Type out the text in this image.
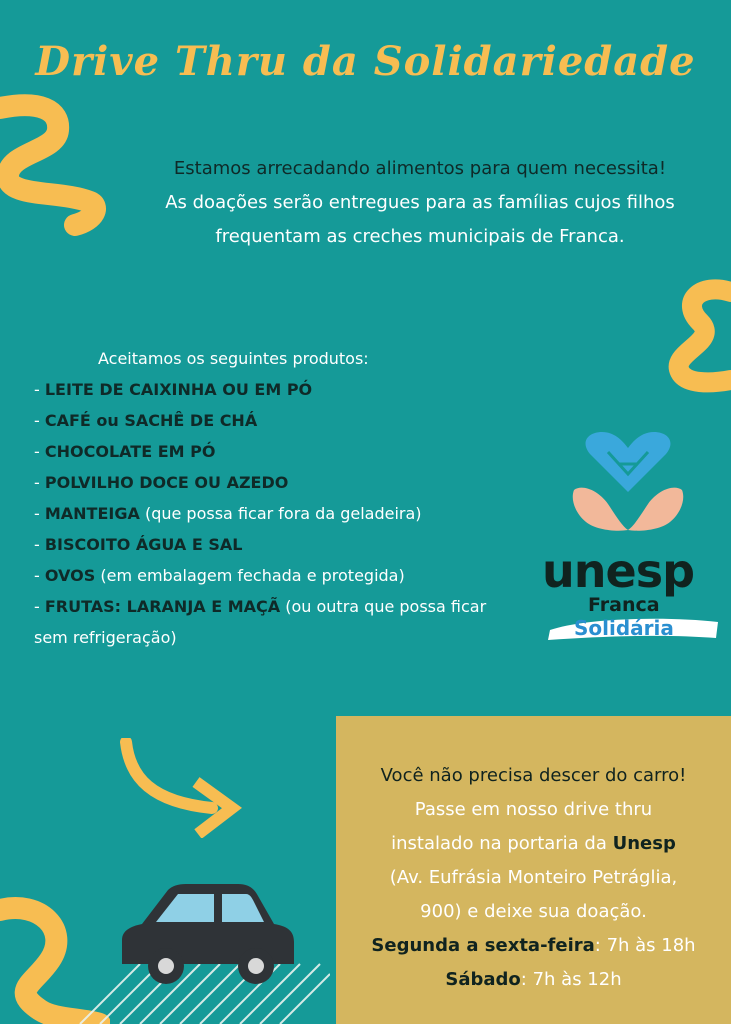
Drive Thru da Solidariedade
Estamos arrecadando alimentos para quem necessita!
As doações serão entregues para as famílias cujos filhos
frequentam as creches municipais de Franca.
Aceitamos os seguintes produtos:
- LEITE DE CAIXINHA OU EM PÓ
- CAFÉ ou SACHÊ DE CHÁ
- CHOCOLATE EM PÓ
- POLVILHO DOCE OU AZEDO
- MANTEIGA (que possa ficar fora da geladeira)
- BISCOITO ÁGUA E SAL
- OVOS (em embalagem fechada e protegida)
- FRUTAS: LARANJA E MAÇÃ (ou outra que possa ficar sem refrigeração)
unesp
Franca
Solidária
Você não precisa descer do carro!
Passe em nosso drive thru
instalado na portaria da Unesp
(Av. Eufrásia Monteiro Petráglia,
900) e deixe sua doação.
Segunda a sexta-feira: 7h às 18h
Sábado: 7h às 12h
